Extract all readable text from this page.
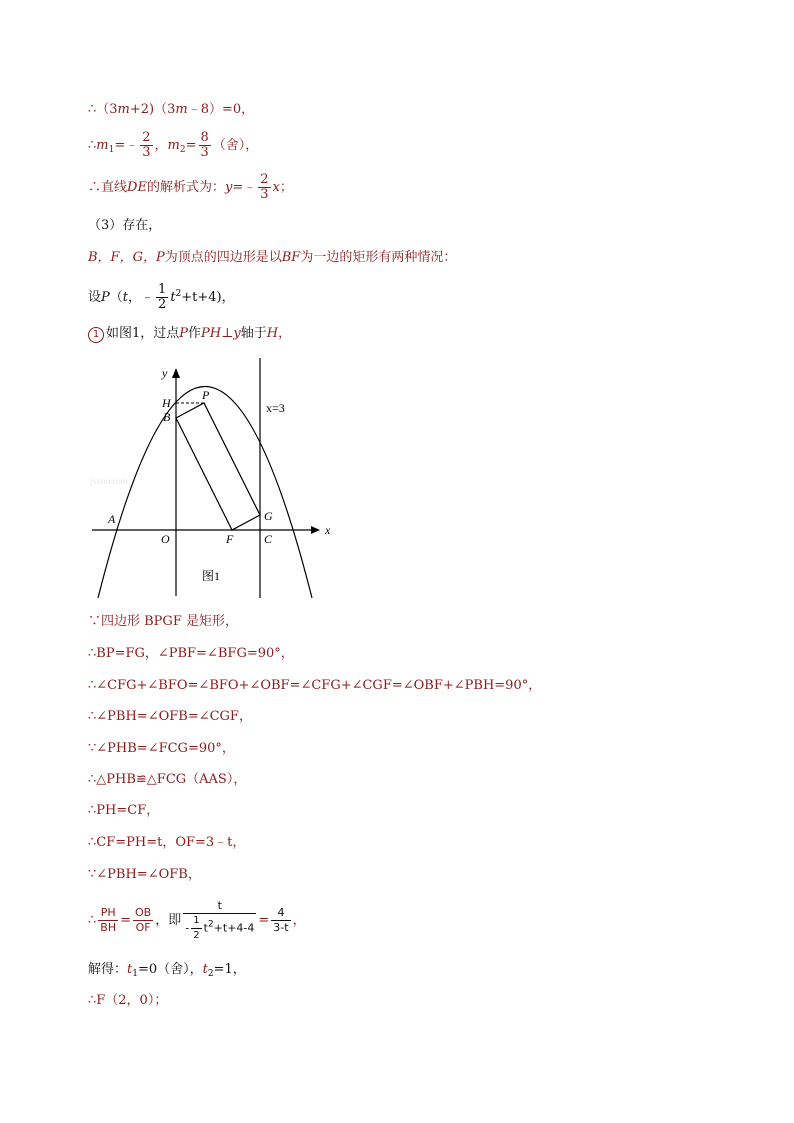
∴（3m+2)（3m﹣8）=0，
$\therefore m_1=﹣ \frac{2}{3}$ ，$m_2= \frac{8}{3}$ （舍），
∴直线DE的解析式为：y=﹣ $\frac{2}{3}$ x；
（3）存在，
B，F，G，P为顶点的四边形是以BF为一边的矩形有两种情况：
设P（t，﹣ $\frac{1}{2} t^2+t+4$)，
1 如图1，过点P作PH⊥y轴于H，
jyeoo.com
y
x
P
H
B
A
O	F	C
G
x=3
图1
∵四边形 BPGF 是矩形，
∴BP=FG，∠PBF=∠BFG=90°，
∴∠CFG+∠BFO=∠BFO+∠OBF=∠CFG+∠CGF=∠OBF+∠PBH=90°，
∴∠PBH=∠OFB=∠CGF，
∵∠PHB=∠FCG=90°，
∴△PHB≌△FCG（AAS），
∴PH=CF，
∴CF=PH=t，OF=3﹣t，
∵∠PBH=∠OFB，
∴ $\frac{PH}{BH} = \frac{OB}{OF}$ ，即 $\frac{t}{- \frac{1}{2} t^2+t+4-4} = \frac{4}{3-t}$ ，
解得：$t_1=0$（舍），$t_2=1$，
∴F（2，0）；
